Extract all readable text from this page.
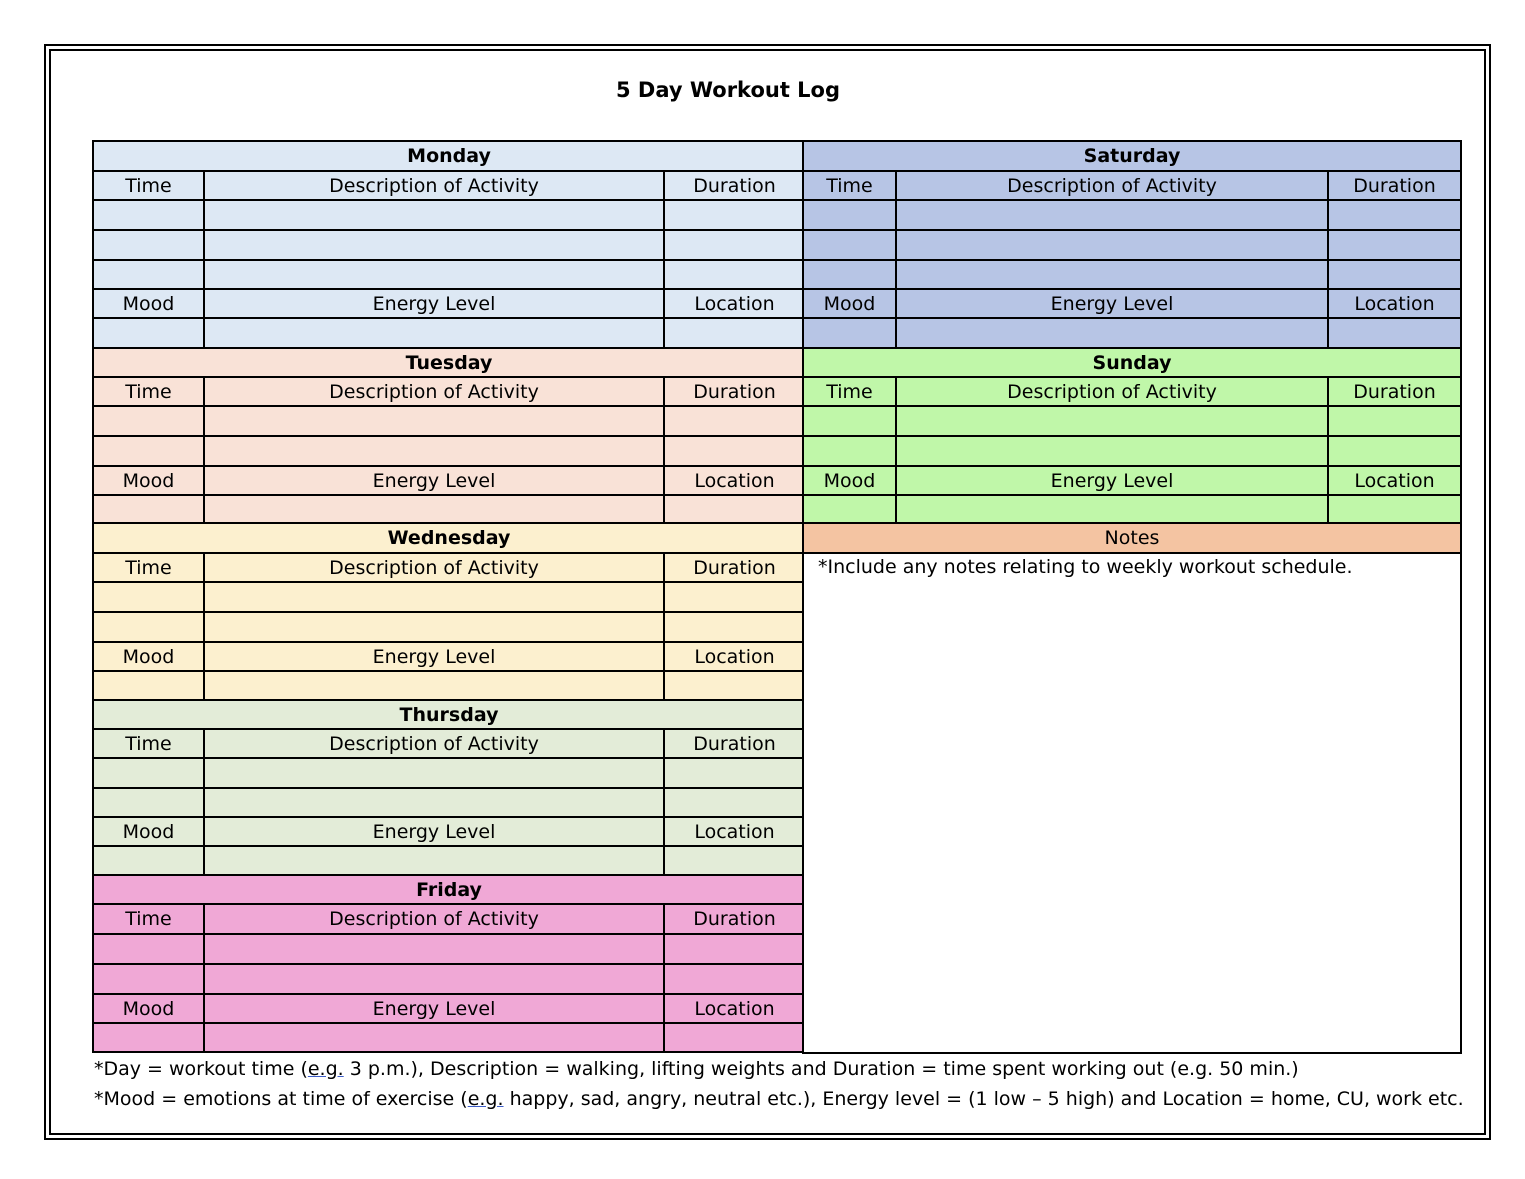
5 Day Workout Log
Monday		
Time	Description of Activity	Duration

Mood	Energy Level	Location

Tuesday		
Time	Description of Activity	Duration

Mood	Energy Level	Location

Wednesday		
Time	Description of Activity	Duration

Mood	Energy Level	Location

Thursday		
Time	Description of Activity	Duration

Mood	Energy Level	Location

Friday		
Time	Description of Activity	Duration

Mood	Energy Level	Location

Saturday		
Time	Description of Activity	Duration

Mood	Energy Level	Location

Sunday		
Time	Description of Activity	Duration

Mood	Energy Level	Location

Notes		
*Include any notes relating to weekly workout schedule.		
*Day = workout time (e.g. 3 p.m.), Description = walking, lifting weights and Duration = time spent working out (e.g. 50 min.)
*Mood = emotions at time of exercise (e.g. happy, sad, angry, neutral etc.), Energy level = (1 low – 5 high) and Location = home, CU, work etc.
